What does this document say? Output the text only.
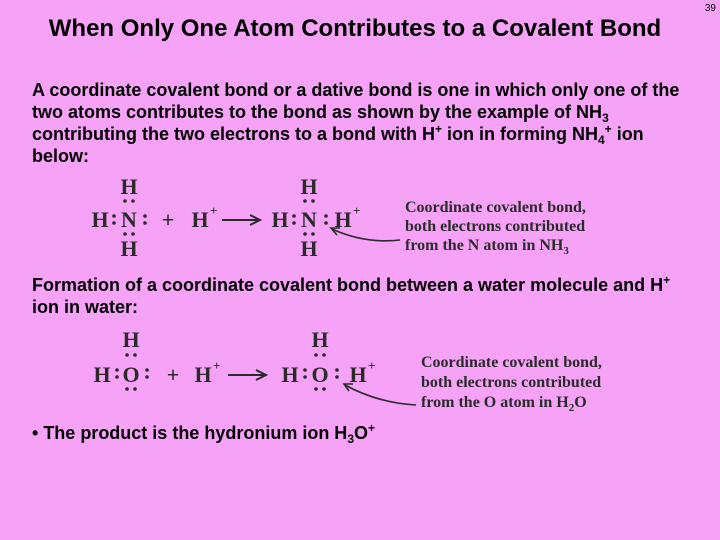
39
When Only One Atom Contributes to a Covalent Bond
A coordinate covalent bond or a dative bond is one in which only one of the two atoms contributes to the bond as shown by the example of $NH_3$ contributing the two electrons to a bond with H+ ion in forming $NH_4^+$ ion below:
H
H N
H
+ H +
H
H N
H
H +	Coordinate covalent bond,
both electrons contributed
from the N atom in $NH_3$
Formation of a coordinate covalent bond between a water molecule and H+ ion in water:
H
H O + H +
H
H O H +	Coordinate covalent bond,
both electrons contributed
from the O atom in $H_2O$
• The product is the hydronium ion $H_3O^+$
